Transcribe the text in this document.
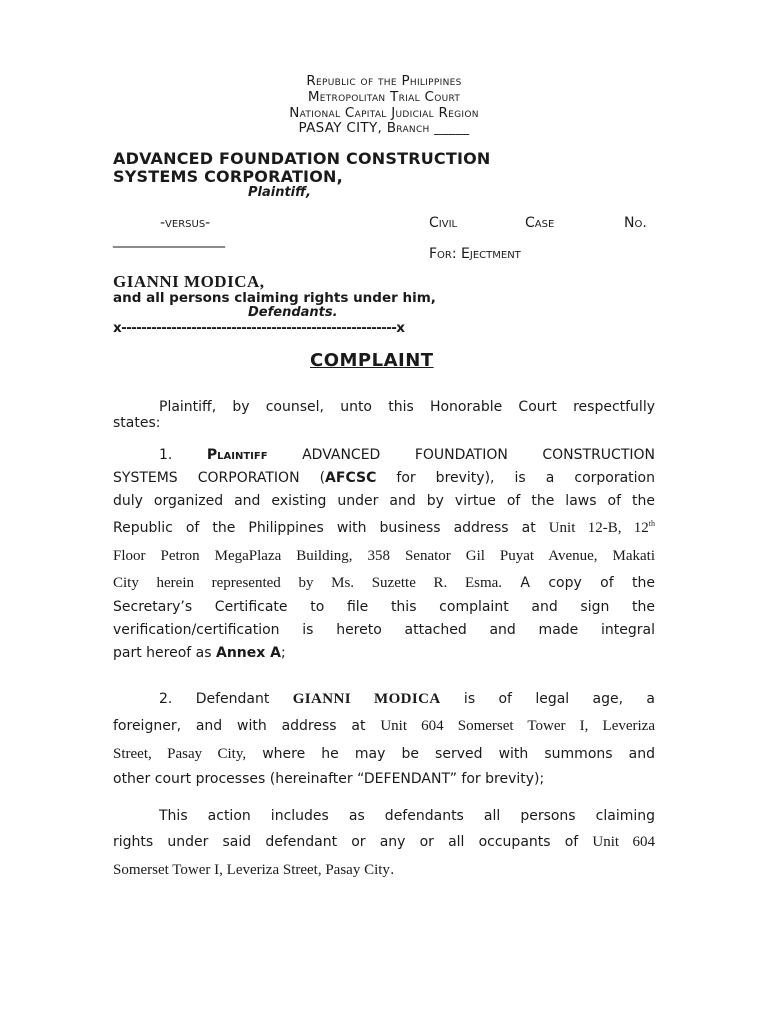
Republic of the Philippines

Metropolitan Trial Court

National Capital Judicial Region

PASAY CITY, Branch _____

ADVANCED FOUNDATION CONSTRUCTION

SYSTEMS CORPORATION,

Plaintiff,

-versus-	Civil	Case	No.

________________

For: Ejectment

GIANNI MODICA,

and all persons claiming rights under him,

Defendants.

x-------------------------------------------------------x

COMPLAINT

Plaintiff, by counsel, unto this Honorable Court respectfully
states:
1. Plaintiff ADVANCED FOUNDATION CONSTRUCTION
SYSTEMS CORPORATION (AFCSC for brevity), is a corporation
duly organized and existing under and by virtue of the laws of the
Republic of the Philippines with business address at Unit 12-B, 12th
Floor Petron MegaPlaza Building, 358 Senator Gil Puyat Avenue, Makati
City herein represented by Ms. Suzette R. Esma. A copy of the
Secretary’s Certificate to file this complaint and sign the
verification/certification is hereto attached and made integral
part hereof as Annex A;
2. Defendant GIANNI MODICA is of legal age, a
foreigner, and with address at Unit 604 Somerset Tower I, Leveriza
Street, Pasay City, where he may be served with summons and
other court processes (hereinafter “DEFENDANT” for brevity);
This action includes as defendants all persons claiming
rights under said defendant or any or all occupants of Unit 604
Somerset Tower I, Leveriza Street, Pasay City.
